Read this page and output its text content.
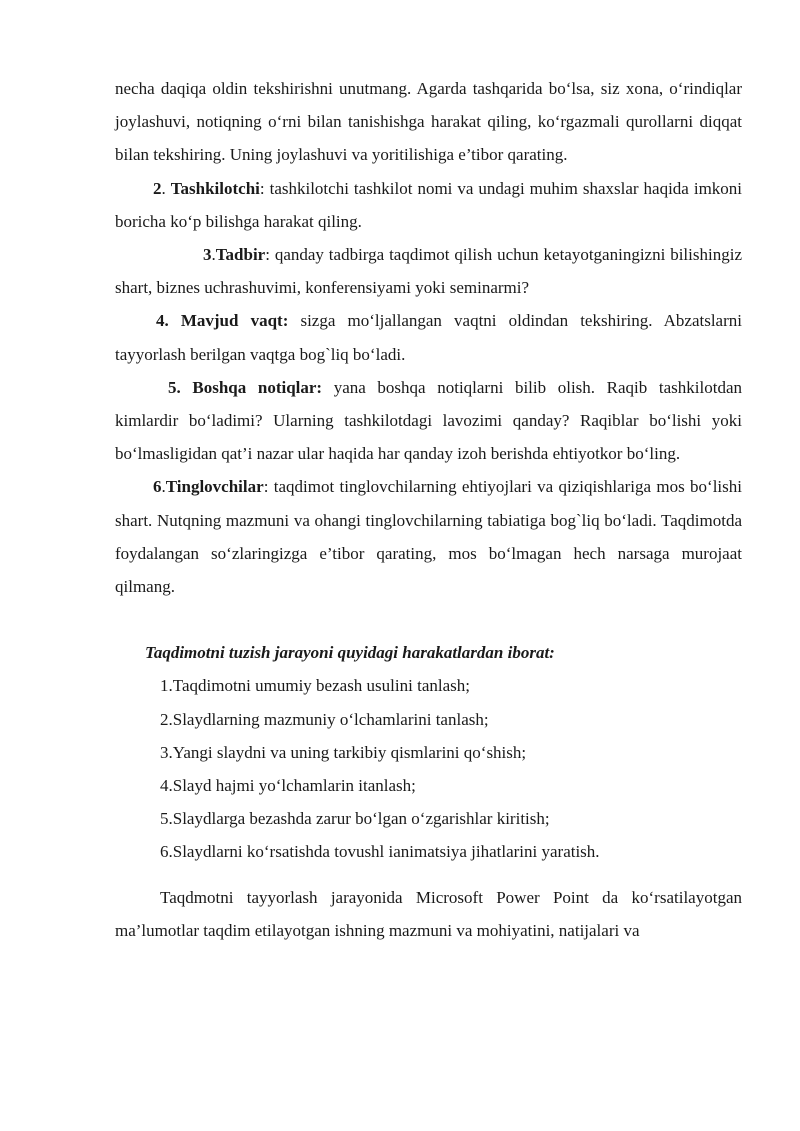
necha daqiqa oldin tekshirishni unutmang. Agarda tashqarida bo‘lsa, siz xona, o‘rindiqlar joylashuvi, notiqning o‘rni bilan tanishishga harakat qiling, ko‘rgazmali qurollarni diqqat bilan tekshiring. Uning joylashuvi va yoritilishiga e’tibor qarating.

2. Tashkilotchi: tashkilotchi tashkilot nomi va undagi muhim shaxslar haqida imkoni boricha ko‘p bilishga harakat qiling.

3.Tadbir: qanday tadbirga taqdimot qilish uchun ketayotganingizni bilishingiz shart, biznes uchrashuvimi, konferensiyami yoki seminarmi?

4. Mavjud vaqt: sizga mo‘ljallangan vaqtni oldindan tekshiring. Abzatslarni tayyorlash berilgan vaqtga bog`liq bo‘ladi.

5. Boshqa notiqlar: yana boshqa notiqlarni bilib olish. Raqib tashkilotdan kimlardir bo‘ladimi? Ularning tashkilotdagi lavozimi qanday? Raqiblar bo‘lishi yoki bo‘lmasligidan qat’i nazar ular haqida har qanday izoh berishda ehtiyotkor bo‘ling.

6.Tinglovchilar: taqdimot tinglovchilarning ehtiyojlari va qiziqishlariga mos bo‘lishi shart. Nutqning mazmuni va ohangi tinglovchilarning tabiatiga bog`liq bo‘ladi. Taqdimotda foydalangan so‘zlaringizga e’tibor qarating, mos bo‘lmagan hech narsaga murojaat qilmang.

Taqdimotni tuzish jarayoni quyidagi harakatlardan iborat:

1.Taqdimotni umumiy bezash usulini tanlash;
2.Slaydlarning mazmuniy o‘lchamlarini tanlash;
3.Yangi slaydni va uning tarkibiy qismlarini qo‘shish;
4.Slayd hajmi yo‘lchamlarin itanlash;
5.Slaydlarga bezashda zarur bo‘lgan o‘zgarishlar kiritish;
6.Slaydlarni ko‘rsatishda tovushl ianimatsiya jihatlarini yaratish.

Taqdmotni tayyorlash jarayonida Microsoft Power Point da ko‘rsatilayotgan ma’lumotlar taqdim etilayotgan ishning mazmuni va mohiyatini, natijalari va
